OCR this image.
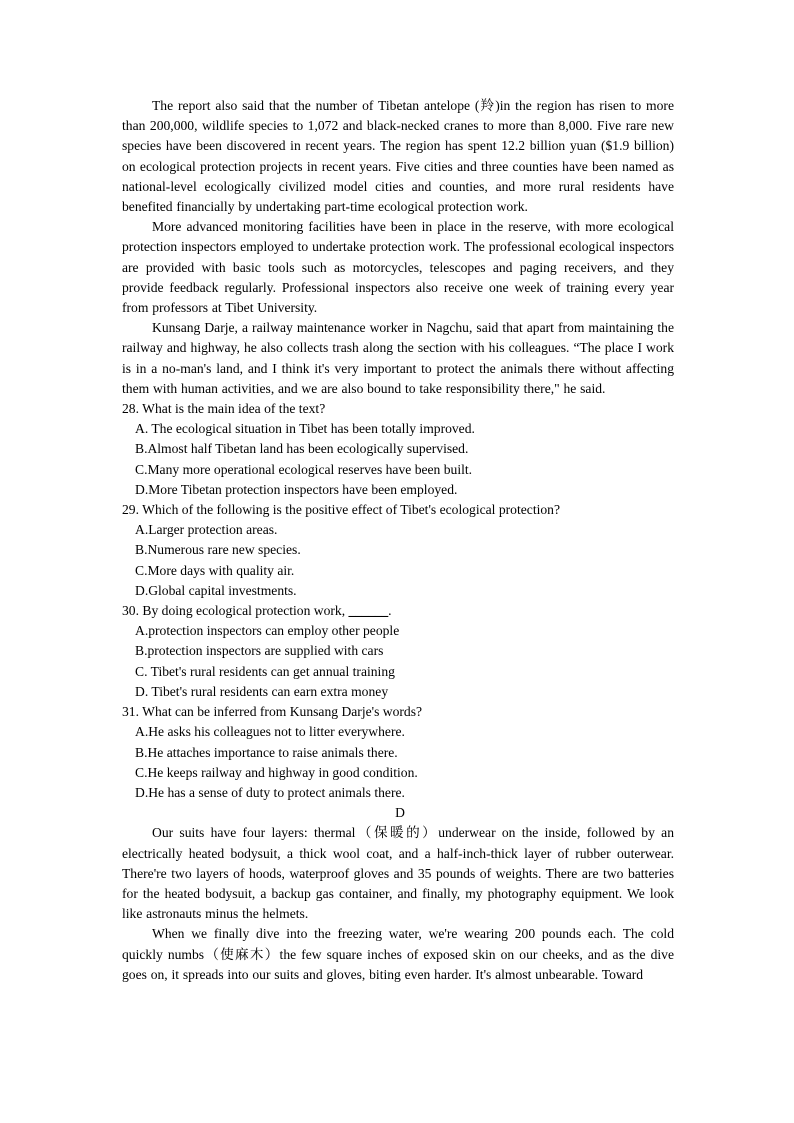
The report also said that the number of Tibetan antelope (羚)in the region has risen to more than 200,000, wildlife species to 1,072 and black-necked cranes to more than 8,000. Five rare new species have been discovered in recent years. The region has spent 12.2 billion yuan ($1.9 billion) on ecological protection projects in recent years. Five cities and three counties have been named as national-level ecologically civilized model cities and counties, and more rural residents have benefited financially by undertaking part-time ecological protection work.

More advanced monitoring facilities have been in place in the reserve, with more ecological protection inspectors employed to undertake protection work. The professional ecological inspectors are provided with basic tools such as motorcycles, telescopes and paging receivers, and they provide feedback regularly. Professional inspectors also receive one week of training every year from professors at Tibet University.

Kunsang Darje, a railway maintenance worker in Nagchu, said that apart from maintaining the railway and highway, he also collects trash along the section with his colleagues. “The place I work is in a no-man's land, and I think it's very important to protect the animals there without affecting them with human activities, and we are also bound to take responsibility there," he said.

28. What is the main idea of the text?

A. The ecological situation in Tibet has been totally improved.

B.Almost half Tibetan land has been ecologically supervised.

C.Many more operational ecological reserves have been built.

D.More Tibetan protection inspectors have been employed.

29. Which of the following is the positive effect of Tibet's ecological protection?

A.Larger protection areas.

B.Numerous rare new species.

C.More days with quality air.

D.Global capital investments.

30. By doing ecological protection work, ______.

A.protection inspectors can employ other people

B.protection inspectors are supplied with cars

C. Tibet's rural residents can get annual training

D. Tibet's rural residents can earn extra money

31. What can be inferred from Kunsang Darje's words?

A.He asks his colleagues not to litter everywhere.

B.He attaches importance to raise animals there.

C.He keeps railway and highway in good condition.

D.He has a sense of duty to protect animals there.

D

Our suits have four layers: thermal（保暖的）underwear on the inside, followed by an electrically heated bodysuit, a thick wool coat, and a half-inch-thick layer of rubber outerwear. There're two layers of hoods, waterproof gloves and 35 pounds of weights. There are two batteries for the heated bodysuit, a backup gas container, and finally, my photography equipment. We look like astronauts minus the helmets.

When we finally dive into the freezing water, we're wearing 200 pounds each. The cold quickly numbs（使麻木）the few square inches of exposed skin on our cheeks, and as the dive goes on, it spreads into our suits and gloves, biting even harder. It's almost unbearable. Toward
